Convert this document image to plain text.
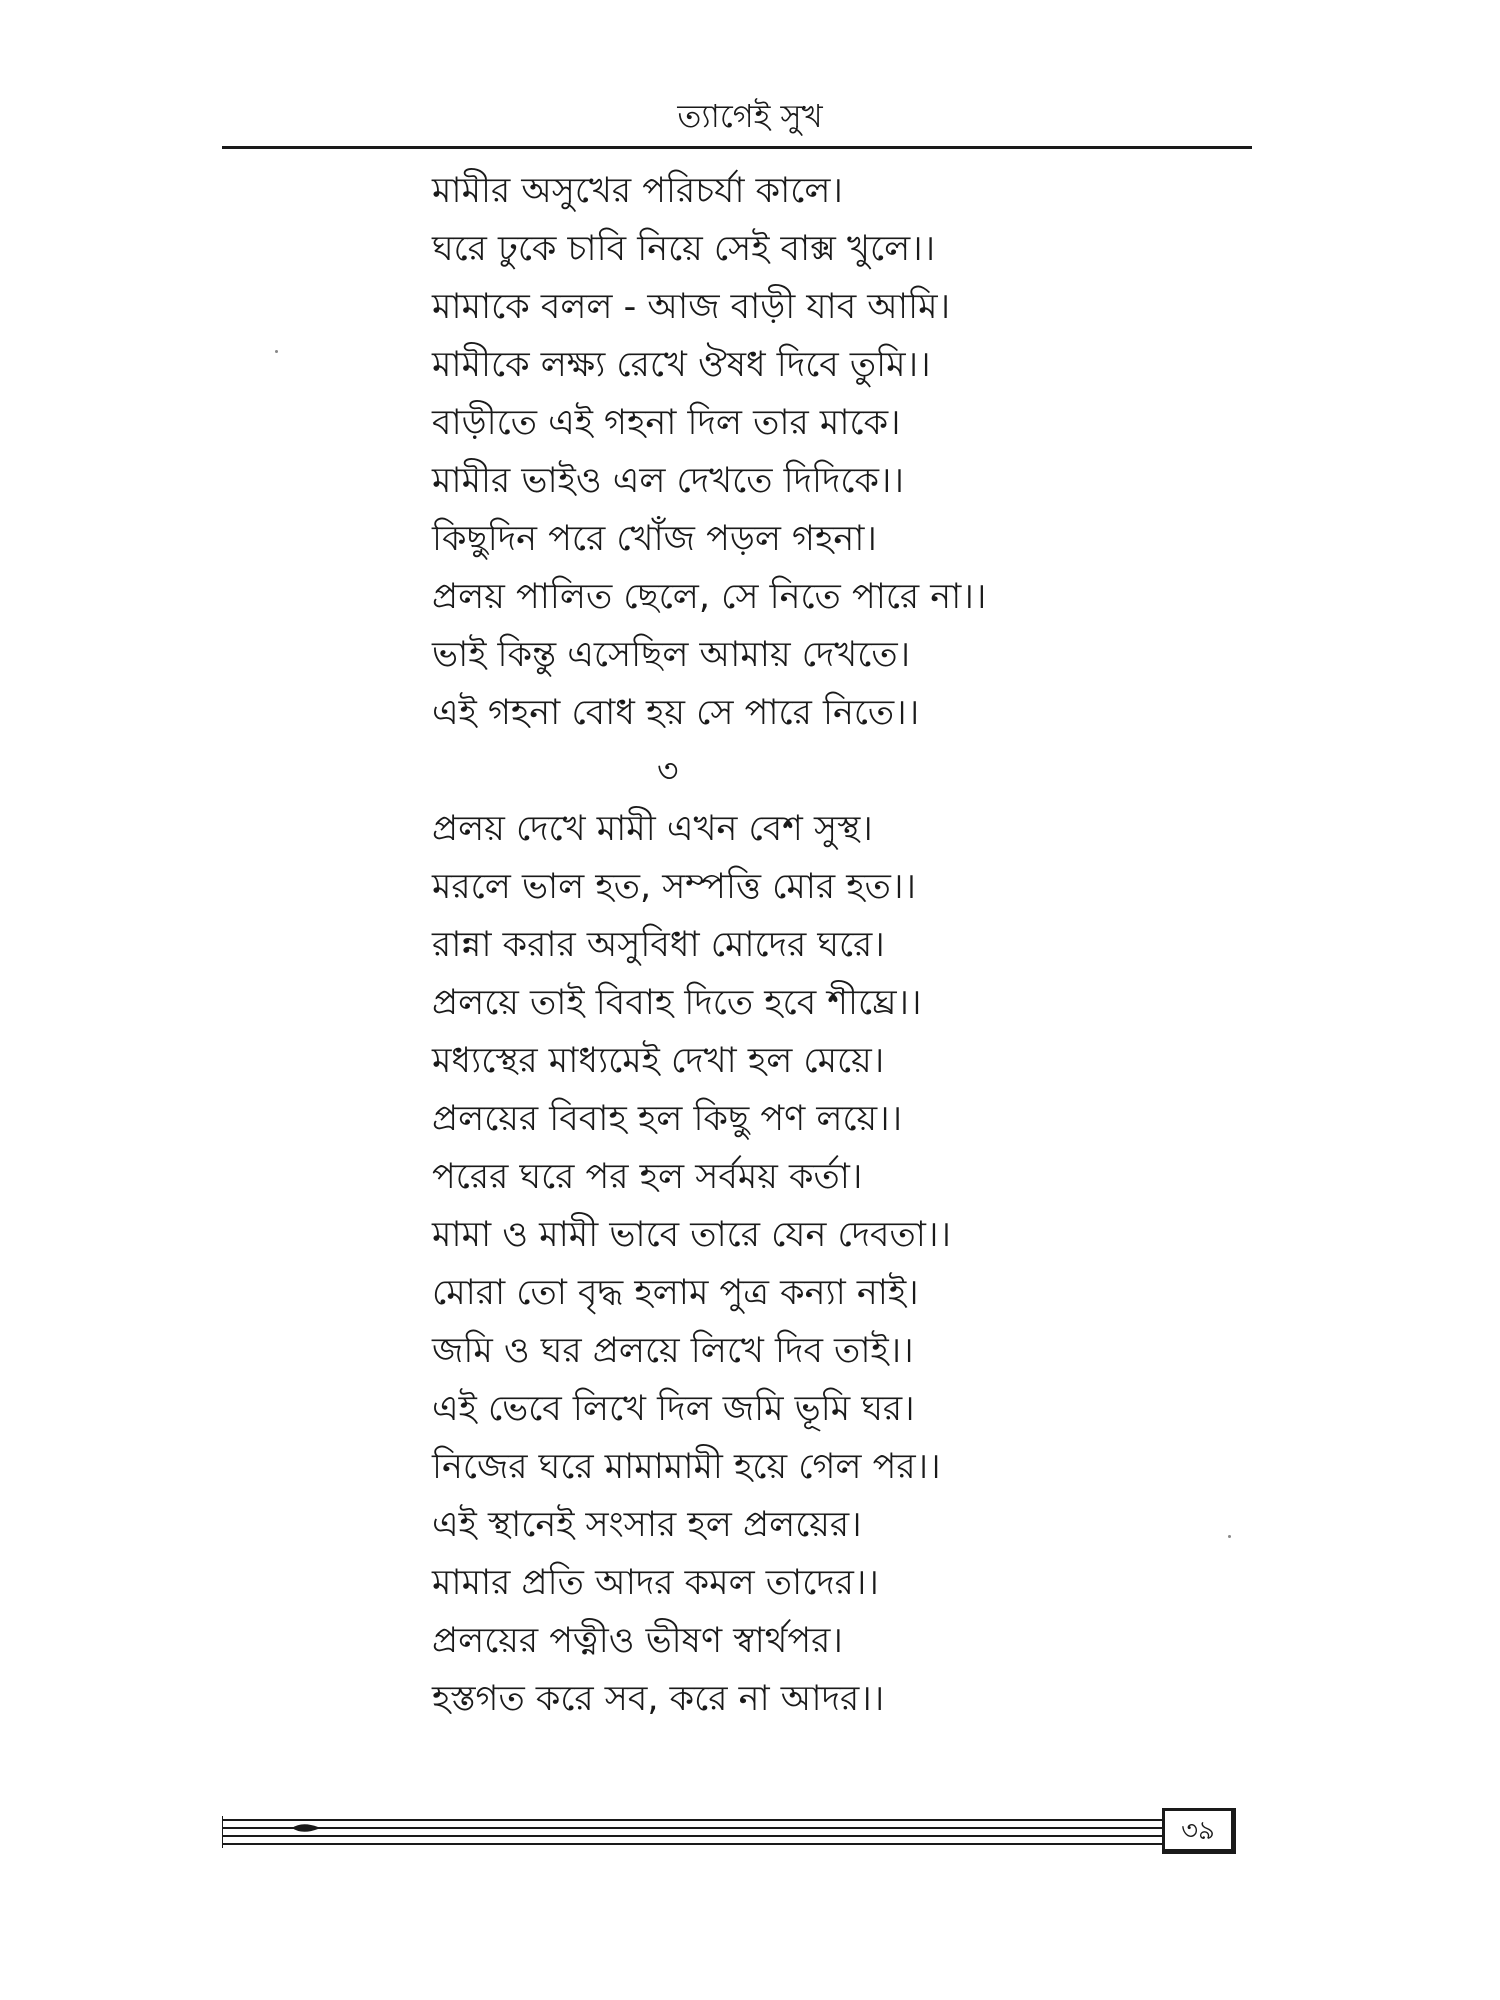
ত্যাগেই সুখ
মামীর অসুখের পরিচর্যা কালে।
ঘরে ঢুকে চাবি নিয়ে সেই বাক্স খুলে।।
মামাকে বলল - আজ বাড়ী যাব আমি।
মামীকে লক্ষ্য রেখে ঔষধ দিবে তুমি।।
বাড়ীতে এই গহনা দিল তার মাকে।
মামীর ভাইও এল দেখতে দিদিকে।।
কিছুদিন পরে খোঁজ পড়ল গহনা।
প্রলয় পালিত ছেলে, সে নিতে পারে না।।
ভাই কিন্তু এসেছিল আমায় দেখতে।
এই গহনা বোধ হয় সে পারে নিতে।।
৩
প্রলয় দেখে মামী এখন বেশ সুস্থ।
মরলে ভাল হত, সম্পত্তি মোর হত।।
রান্না করার অসুবিধা মোদের ঘরে।
প্রলয়ে তাই বিবাহ দিতে হবে শীঘ্রে।।
মধ্যস্থের মাধ্যমেই দেখা হল মেয়ে।
প্রলয়ের বিবাহ হল কিছু পণ লয়ে।।
পরের ঘরে পর হল সর্বময় কর্তা।
মামা ও মামী ভাবে তারে যেন দেবতা।।
মোরা তো বৃদ্ধ হলাম পুত্র কন্যা নাই।
জমি ও ঘর প্রলয়ে লিখে দিব তাই।।
এই ভেবে লিখে দিল জমি ভূমি ঘর।
নিজের ঘরে মামামামী হয়ে গেল পর।।
এই স্থানেই সংসার হল প্রলয়ের।
মামার প্রতি আদর কমল তাদের।।
প্রলয়ের পত্নীও ভীষণ স্বার্থপর।
হস্তগত করে সব, করে না আদর।।
৩৯
